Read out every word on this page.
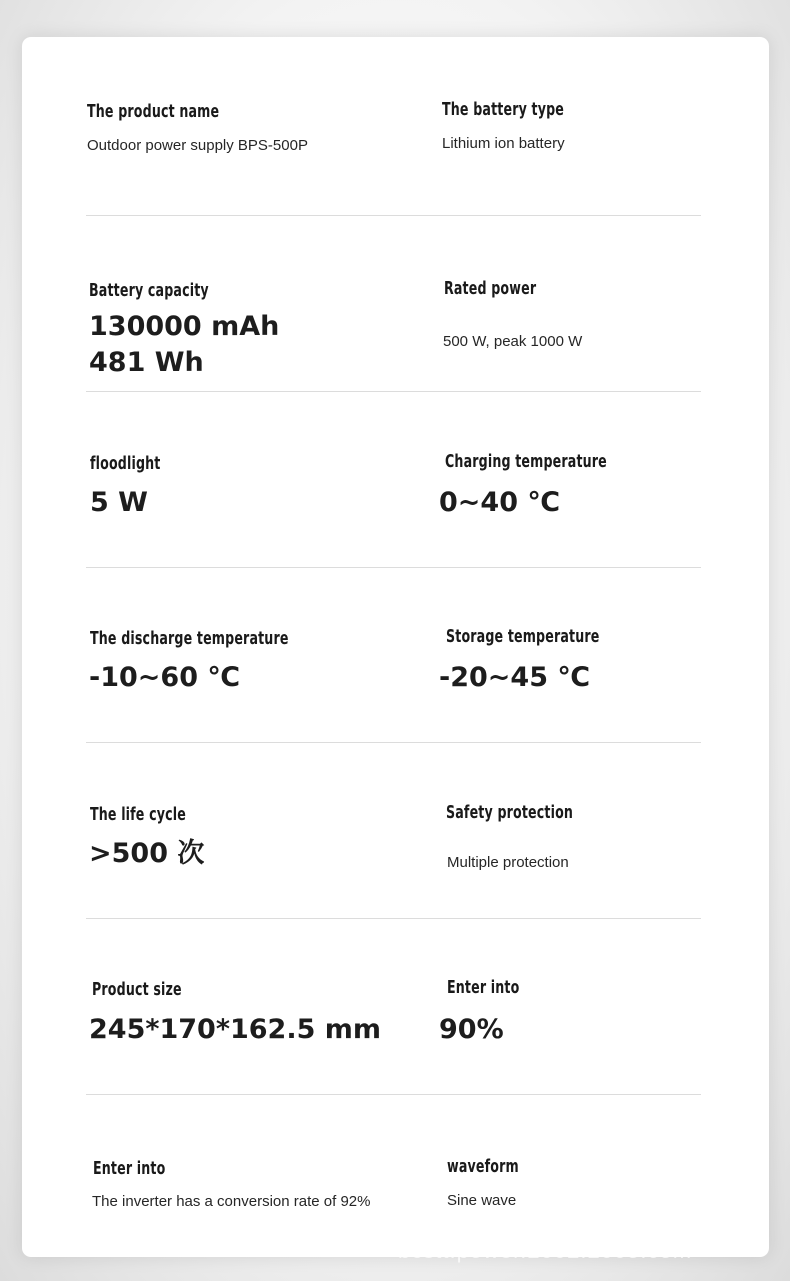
The product name
Outdoor power supply BPS-500P
The battery type
Lithium ion battery
Battery capacity
130000 mAh
481 Wh
Rated power
500 W, peak 1000 W
floodlight
5 W
Charging temperature
0~40 ℃
The discharge temperature
-10~60 ℃
Storage temperature
-20~45 ℃
The life cycle
>500 次
Safety protection
Multiple protection
Product size
245*170*162.5 mm
Enter into
90%
Enter into
The inverter has a conversion rate of 92%
waveform
Sine wave
bcstt.power.2002.2005.com
